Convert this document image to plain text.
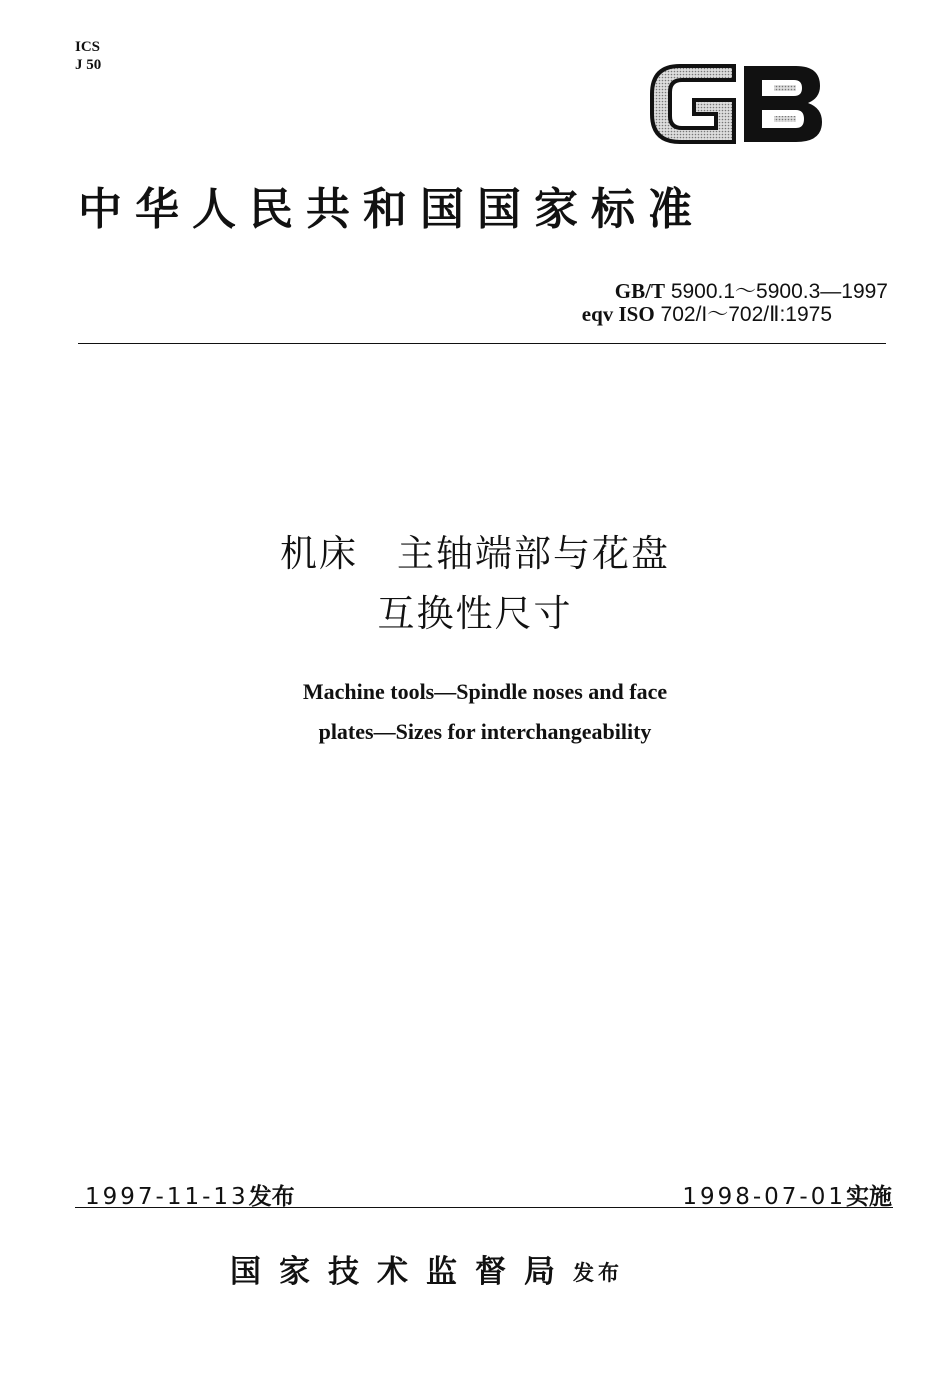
ICS
J 50
中华人民共和国国家标准
GB/T 5900.1～5900.3—1997
eqv ISO 702/I～702/Ⅱ:1975
机床　主轴端部与花盘
互换性尺寸
Machine tools—Spindle noses and face
plates—Sizes for interchangeability
1997-11-13发布	1998-07-01实施
国家技术监督局发布
